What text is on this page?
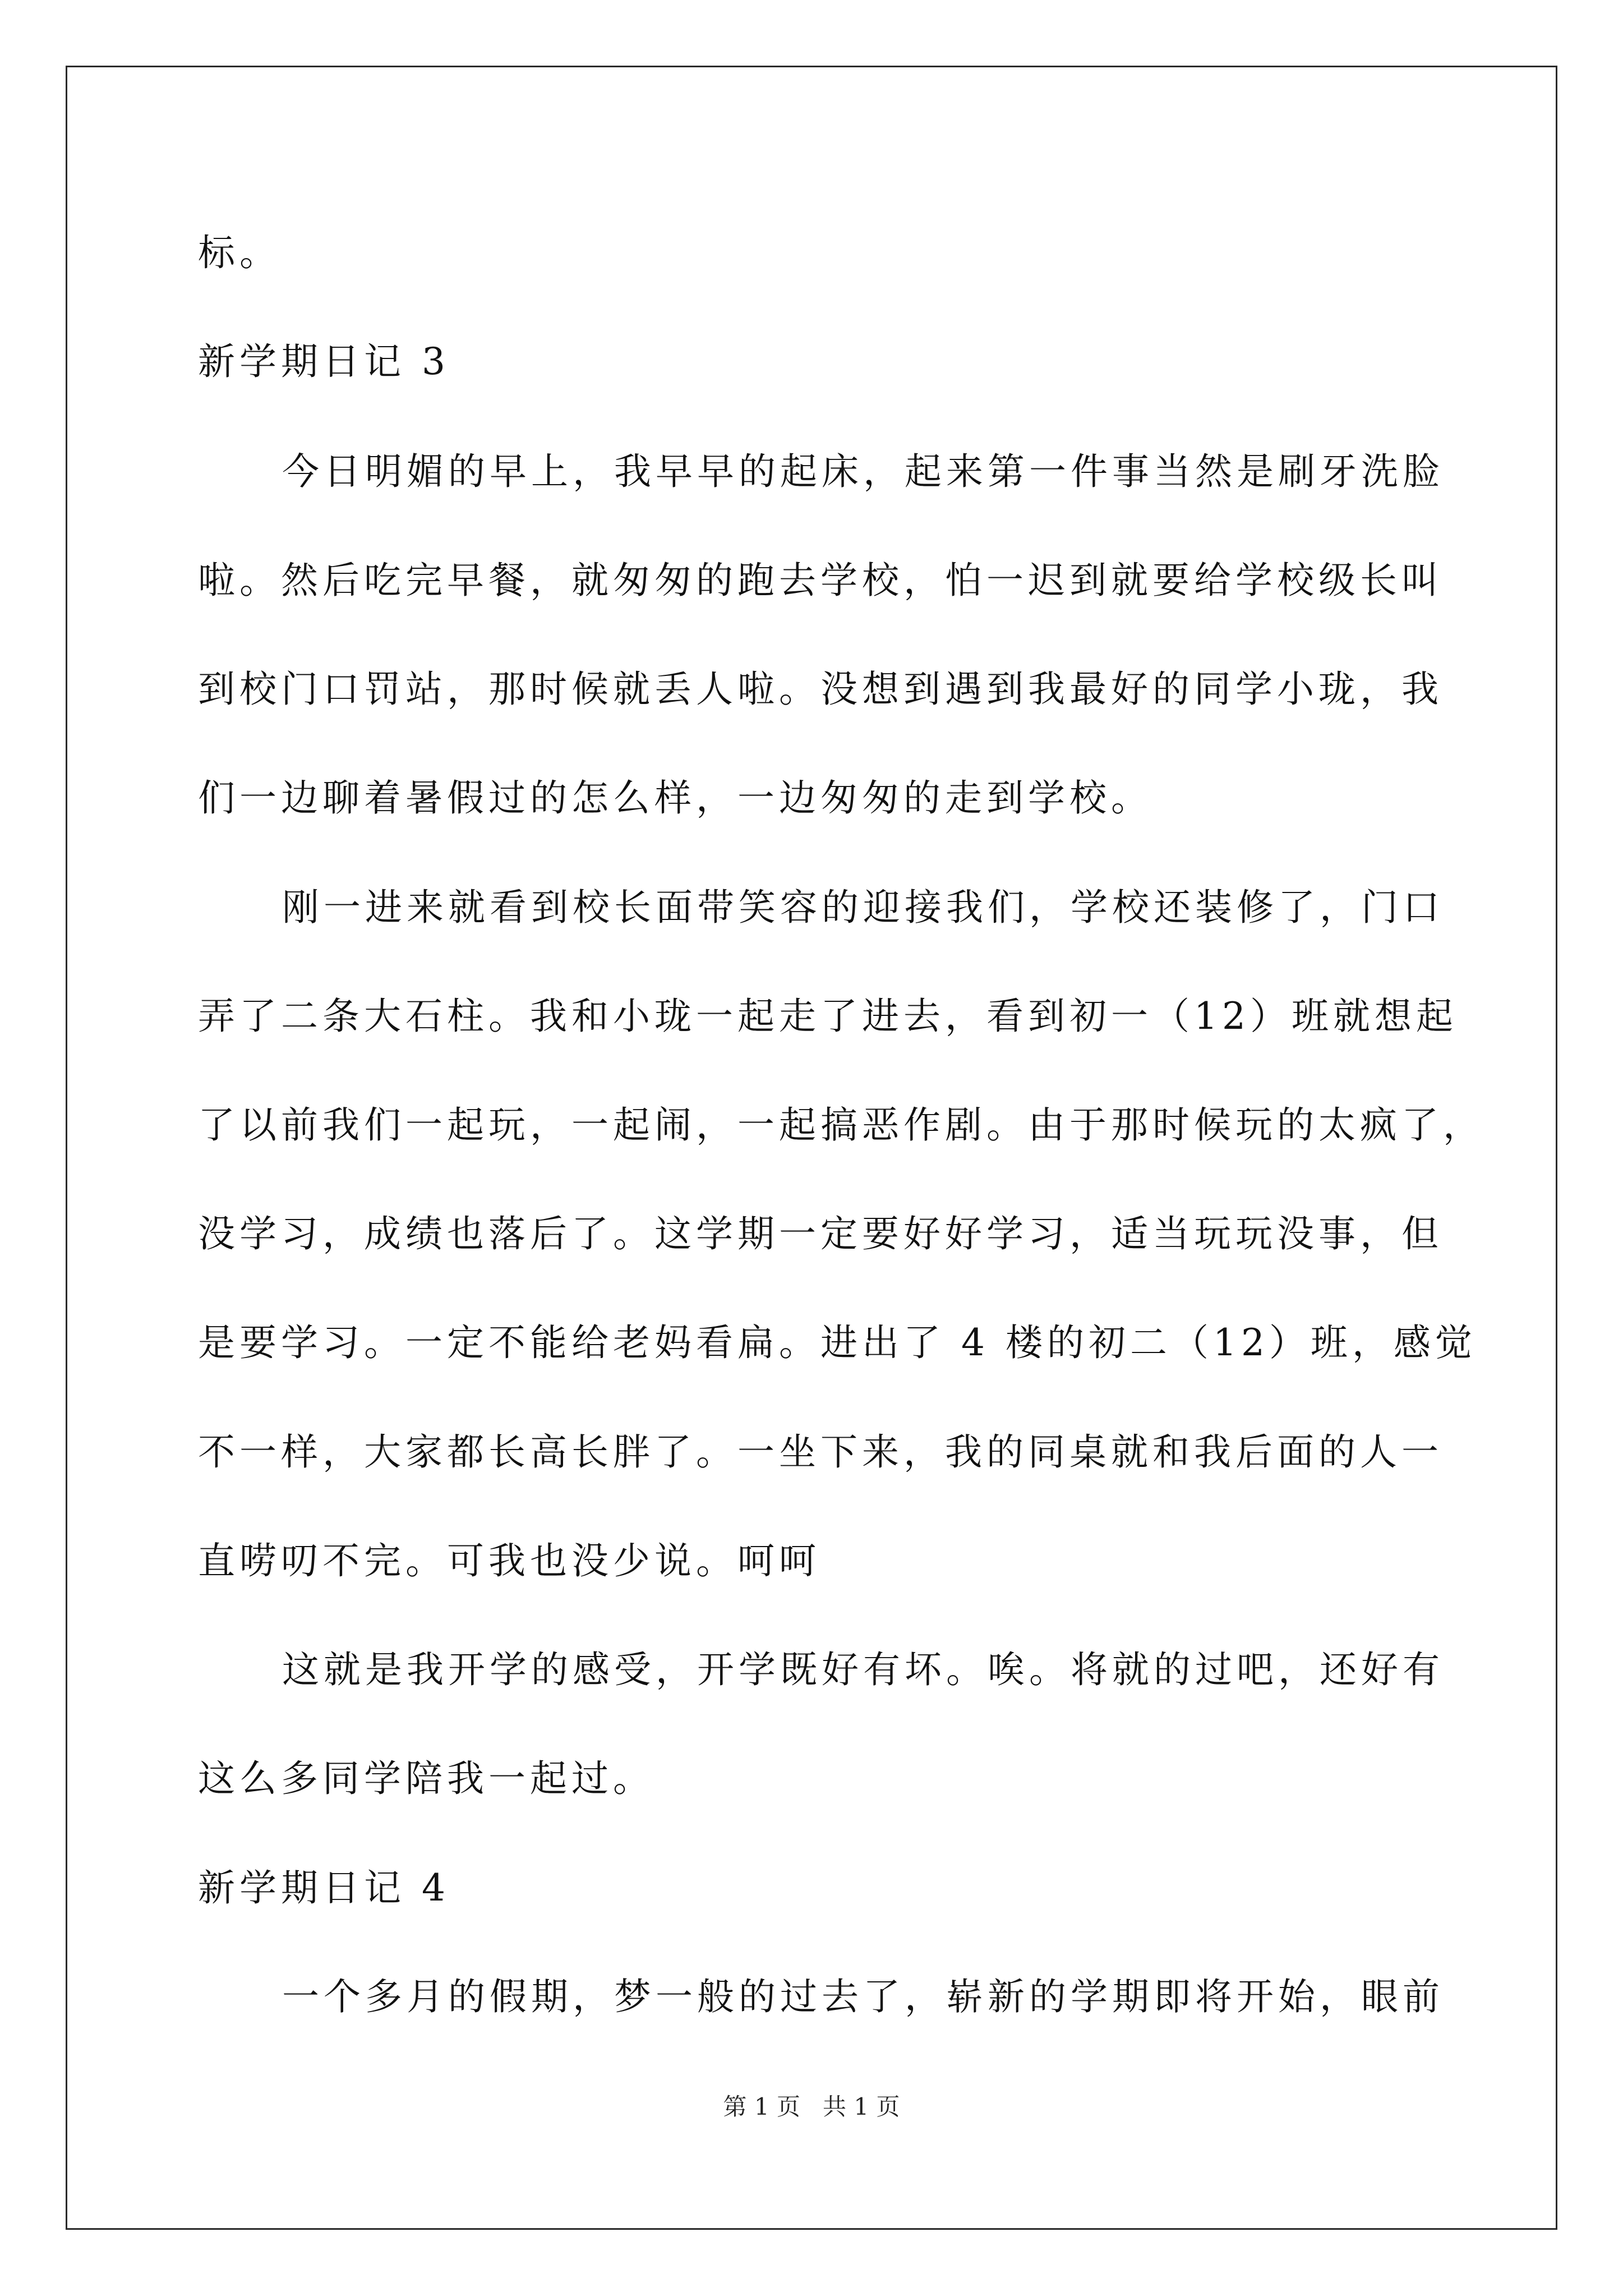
标。
新学期日记 3
今日明媚的早上，我早早的起床，起来第一件事当然是刷牙洗脸
啦。然后吃完早餐，就匆匆的跑去学校，怕一迟到就要给学校级长叫
到校门口罚站，那时候就丢人啦。没想到遇到我最好的同学小珑，我
们一边聊着暑假过的怎么样，一边匆匆的走到学校。
刚一进来就看到校长面带笑容的迎接我们，学校还装修了，门口
弄了二条大石柱。我和小珑一起走了进去，看到初一（12）班就想起
了以前我们一起玩，一起闹，一起搞恶作剧。由于那时候玩的太疯了，
没学习，成绩也落后了。这学期一定要好好学习，适当玩玩没事，但
是要学习。一定不能给老妈看扁。进出了 4 楼的初二（12）班，感觉
不一样，大家都长高长胖了。一坐下来，我的同桌就和我后面的人一
直唠叨不完。可我也没少说。呵呵
这就是我开学的感受，开学既好有坏。唉。将就的过吧，还好有
这么多同学陪我一起过。
新学期日记 4
一个多月的假期，梦一般的过去了，崭新的学期即将开始，眼前
第 1 页   共 1 页
